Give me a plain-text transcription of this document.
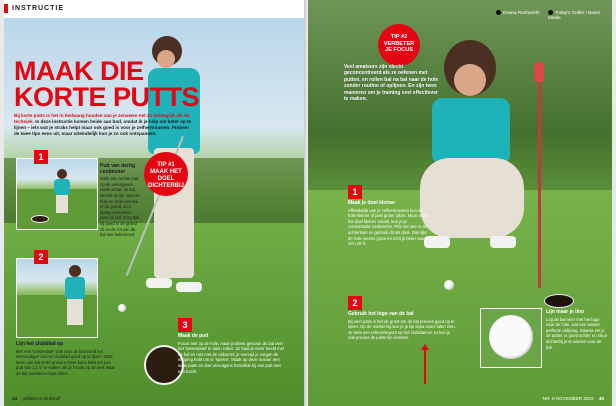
INSTRUCTIE
MAAK DIE
KORTE PUTTS
Bij korte putts is het in bedwang houden van je zenuwen net zo belangrijk als de techniek. In deze instructie komen beide aan bod, omdat ik je help om beter op te lijnen – iets wat je straks helpt maar ook goed is voor je zelfvertrouwen. Probeer de twee tips eens uit, maar uiteindelijk kun je zo ook ontspannen.
TIP #1
MAAK HET DOEL
DICHTERBIJ
1
Putt van dertig centimeter
Zoek een rechte putt op de oefengreen. Hoek achter de bal, steeds de lijn naar de hole en druk een tee in de grond, zo'n dertig centimeter voor de bal. Zorg dat hij goed in de grond zit en de rol van de bal niet belemmert.
2
Lijn het clubblad op
Met een 'tussendoel' vlak voor de bal wordt het eenvoudiger om het clubblad goed op te lijnen. Dats leren een bal te 90 procent meer kans hebt om een putt van 1,2 m te maken als je focust op de plek waar de bal overheen moet rollen.
3
Maak de putt
Focus niet op de hole, maar probeer gewoon de bal over het 'tussendoel' te laten rollen. Zo haal je meer beeld met de bal en niet met de uitkomst; je vermijd je zorgen de stroping hebt om te 'spelen'. Maak op deze manier een serie putts en doe vervolgens hetzelfde bij een putt met een bocht.
44 golfdirect.nl/ukGolf
Deana Rushworth	Today's Golfer / Bauer Media
TIP #2
VERBETER
JE FOCUS
Veel amateurs zijn slecht geconcentreerd als ze oefenen met putten, en rollen bal na bal naar de hole zonder routine of oplijnen. En zijn twee manieren om je training veel effectiever te maken.
1
Maak je doel kleiner
Afhankelijk van je zelfvertrouwen kun de hole kleiner of juist groter lijken. Maar als je het doel kleiner maakt, kun je je concentratie verbeteren. Prik een tee in de achterkant en gebruik dit als doel. Dan lijkt de hole ineens groot en richt je beter van zo'n 10 ft.
2
Gebruik het logo van de bal
Bij veel putts is het de groot om de bal precies goed op te lijnen. Op de markering kun je je lijn bijna exact laten zien. Je hebt een referentiepunt op het clubblad en zo kun je ook precies de juiste lijn inzetten.
Lijn maar je lino
Leg de bal neer met het logo naar de hole, wat een tussen perfecte uitlijning. Daarna zet je de putter er goed achter en sla je dichterbij je te winnen voor de bal.
NR. 9 NOVEMBER 2022 45
